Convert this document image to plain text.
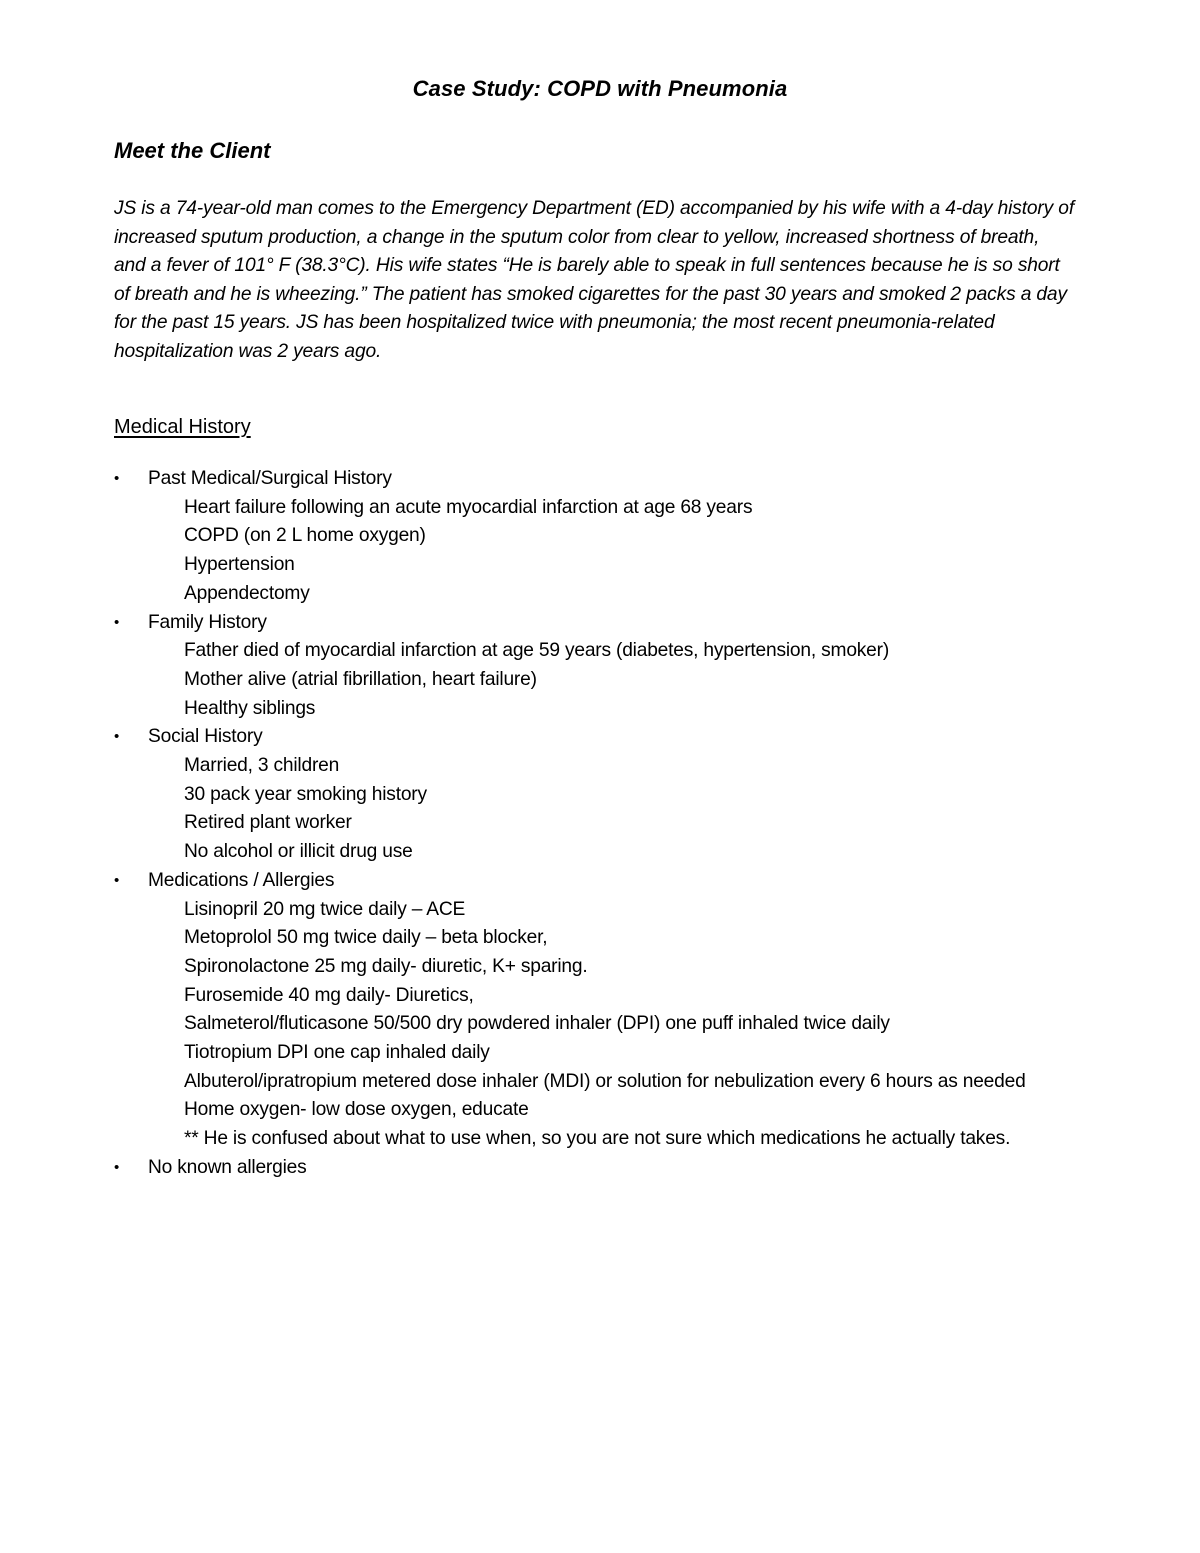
Case Study: COPD with Pneumonia
Meet the Client

JS is a 74-year-old man comes to the Emergency Department (ED) accompanied by his wife with a 4-day history of increased sputum production, a change in the sputum color from clear to yellow, increased shortness of breath, and a fever of 101° F (38.3°C). His wife states “He is barely able to speak in full sentences because he is so short of breath and he is wheezing.” The patient has smoked cigarettes for the past 30 years and smoked 2 packs a day for the past 15 years. JS has been hospitalized twice with pneumonia; the most recent pneumonia-related hospitalization was 2 years ago.

Medical History
•	Past Medical/Surgical History
Heart failure following an acute myocardial infarction at age 68 years
COPD (on 2 L home oxygen)
Hypertension
Appendectomy
•	Family History
Father died of myocardial infarction at age 59 years (diabetes, hypertension, smoker)
Mother alive (atrial fibrillation, heart failure)
Healthy siblings
•	Social History
Married, 3 children
30 pack year smoking history
Retired plant worker
No alcohol or illicit drug use
•	Medications / Allergies
Lisinopril 20 mg twice daily – ACE
Metoprolol 50 mg twice daily – beta blocker,
Spironolactone 25 mg daily- diuretic, K+ sparing.
Furosemide 40 mg daily- Diuretics,
Salmeterol/fluticasone 50/500 dry powdered inhaler (DPI) one puff inhaled twice daily
Tiotropium DPI one cap inhaled daily
Albuterol/ipratropium metered dose inhaler (MDI) or solution for nebulization every 6 hours as needed
Home oxygen- low dose oxygen, educate
** He is confused about what to use when, so you are not sure which medications he actually takes.
•	No known allergies
